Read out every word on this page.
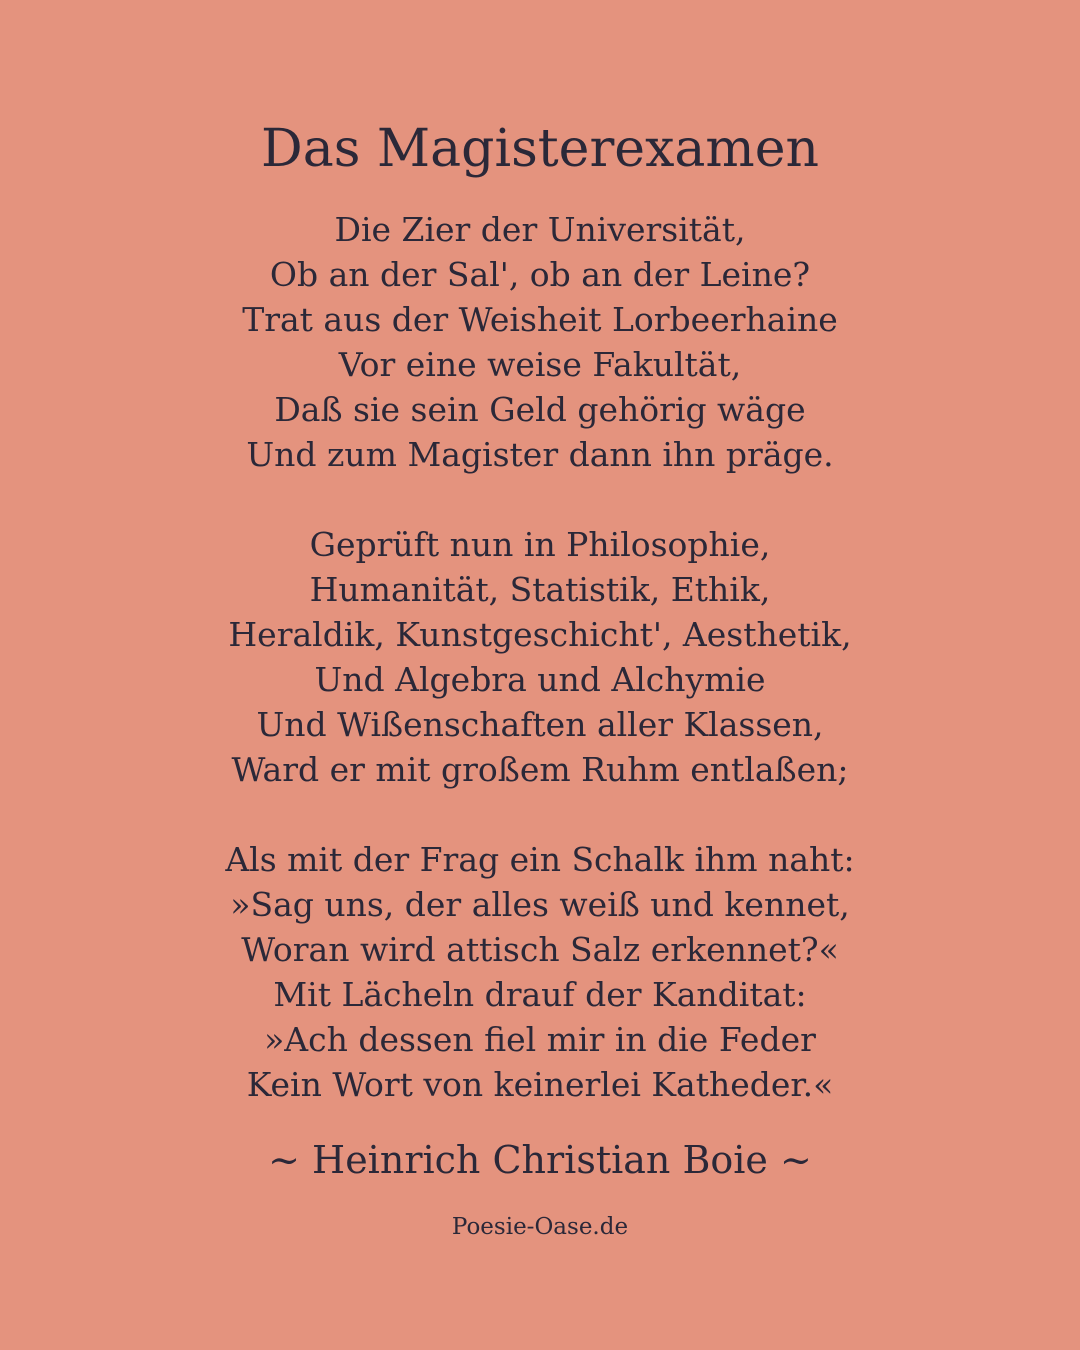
Das Magisterexamen
Die Zier der Universität,
Ob an der Sal', ob an der Leine?
Trat aus der Weisheit Lorbeerhaine
Vor eine weise Fakultät,
Daß sie sein Geld gehörig wäge
Und zum Magister dann ihn präge.
Geprüft nun in Philosophie,
Humanität, Statistik, Ethik,
Heraldik, Kunstgeschicht', Aesthetik,
Und Algebra und Alchymie
Und Wißenschaften aller Klassen,
Ward er mit großem Ruhm entlaßen;
Als mit der Frag ein Schalk ihm naht:
»Sag uns, der alles weiß und kennet,
Woran wird attisch Salz erkennet?«
Mit Lächeln drauf der Kanditat:
»Ach dessen fiel mir in die Feder
Kein Wort von keinerlei Katheder.«

~ Heinrich Christian Boie ~

Poesie-Oase.de
